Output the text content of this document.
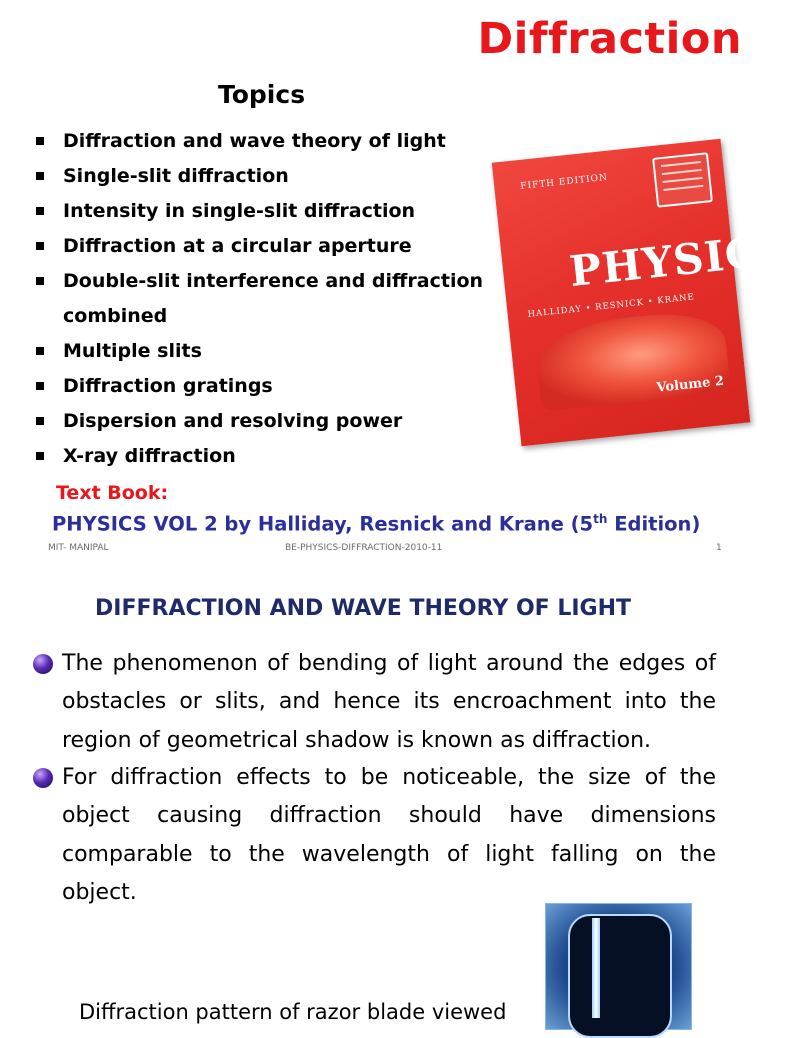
Diffraction
Topics
Diffraction and wave theory of light
Single-slit diffraction
Intensity in single-slit diffraction
Diffraction at a circular aperture
Double-slit interference and diffraction
combined
Multiple slits
Diffraction gratings
Dispersion and resolving power
X-ray diffraction
FIFTH EDITION
PHYSICS
HALLIDAY • RESNICK • KRANE
Volume 2

Text Book:

PHYSICS VOL 2 by Halliday, Resnick and Krane (5th Edition)

MIT- MANIPAL	BE-PHYSICS-DIFFRACTION-2010-11	1

DIFFRACTION AND WAVE THEORY OF LIGHT

The phenomenon of bending of light around the edges of obstacles or slits, and hence its encroachment into the region of geometrical shadow is known as diffraction.

For diffraction effects to be noticeable, the size of the object causing diffraction should have dimensions comparable to the wavelength of light falling on the object.

Diffraction pattern of razor blade viewed
